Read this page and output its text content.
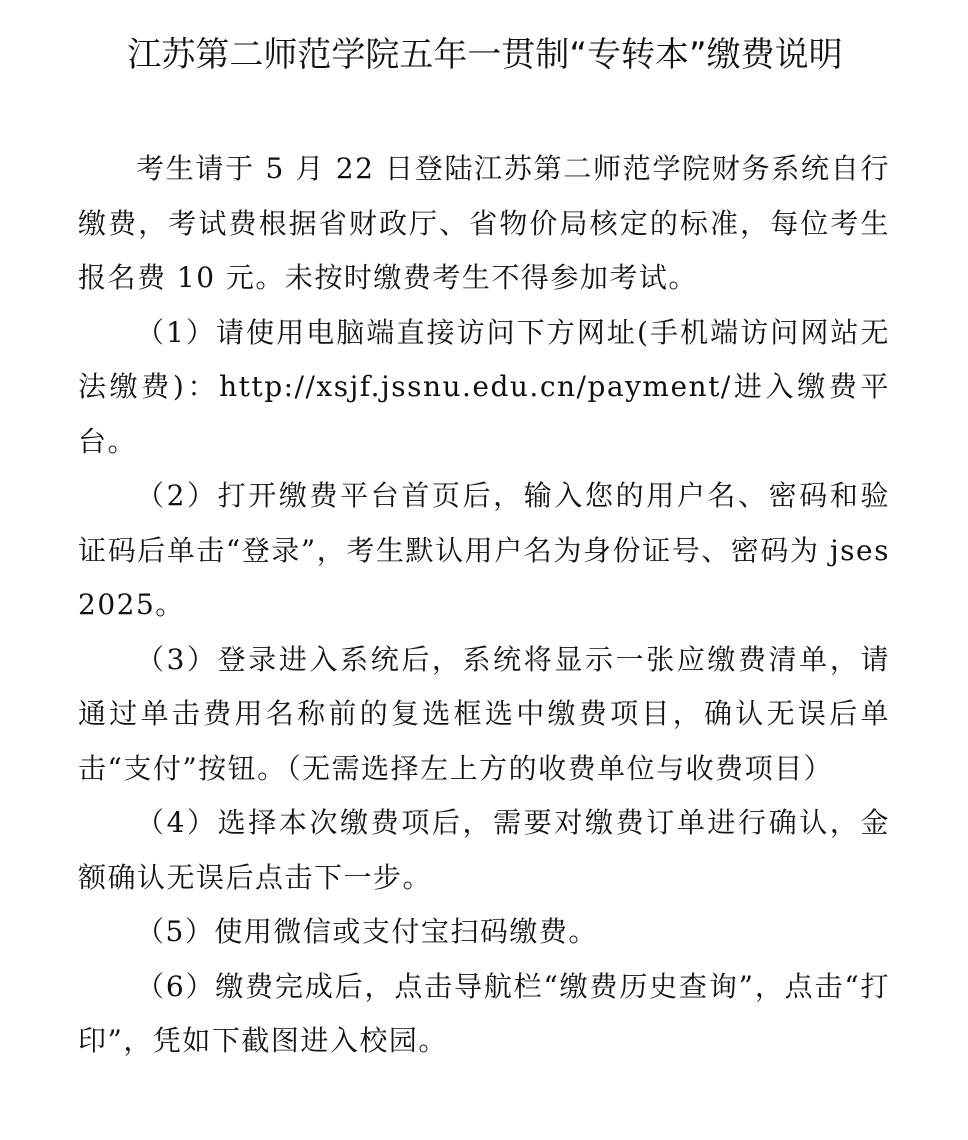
江苏第二师范学院五年一贯制“专转本”缴费说明

考生请于 5 月 22 日登陆江苏第二师范学院财务系统自行缴费，考试费根据省财政厅、省物价局核定的标准，每位考生报名费 10 元。未按时缴费考生不得参加考试。

（1）请使用电脑端直接访问下方网址(手机端访问网站无法缴费)：http://xsjf.jssnu.edu.cn/payment/进入缴费平台。

（2）打开缴费平台首页后，输入您的用户名、密码和验证码后单击“登录”，考生默认用户名为身份证号、密码为 jses2025。

（3）登录进入系统后，系统将显示一张应缴费清单，请通过单击费用名称前的复选框选中缴费项目，确认无误后单击“支付”按钮。（无需选择左上方的收费单位与收费项目）

（4）选择本次缴费项后，需要对缴费订单进行确认，金额确认无误后点击下一步。

（5）使用微信或支付宝扫码缴费。

（6）缴费完成后，点击导航栏“缴费历史查询”，点击“打印”，凭如下截图进入校园。
